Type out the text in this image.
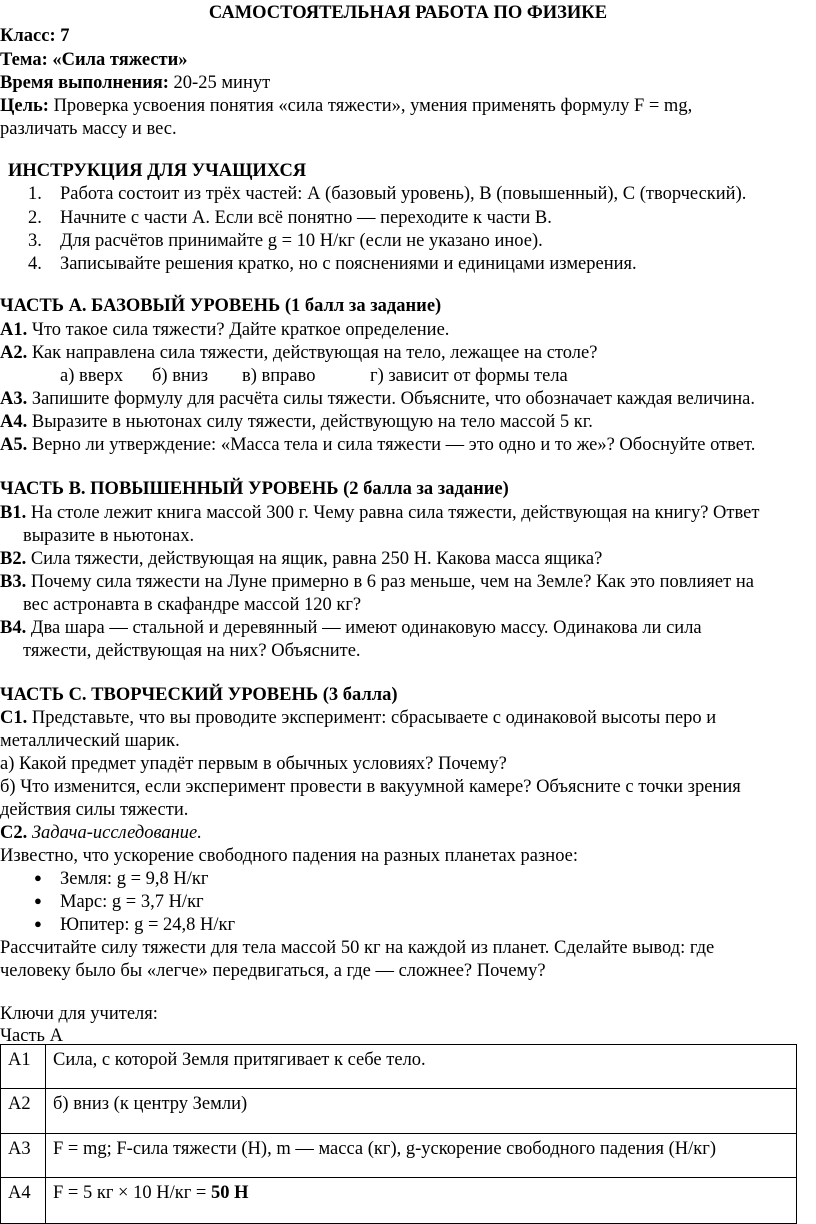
САМОСТОЯТЕЛЬНАЯ РАБОТА ПО ФИЗИКЕ
Класс: 7
Тема: «Сила тяжести»
Время выполнения: 20-25 минут
Цель: Проверка усвоения понятия «сила тяжести», умения применять формулу F = mg,
различать массу и вес.
ИНСТРУКЦИЯ ДЛЯ УЧАЩИХСЯ
1. Работа состоит из трёх частей: А (базовый уровень), В (повышенный), С (творческий).
2. Начните с части А. Если всё понятно — переходите к части В.
3. Для расчётов принимайте g = 10 Н/кг (если не указано иное).
4. Записывайте решения кратко, но с пояснениями и единицами измерения.
ЧАСТЬ А. БАЗОВЫЙ УРОВЕНЬ (1 балл за задание)
А1. Что такое сила тяжести? Дайте краткое определение.
А2. Как направлена сила тяжести, действующая на тело, лежащее на столе?
а) вверх б) вниз в) вправо	г) зависит от формы тела
А3. Запишите формулу для расчёта силы тяжести. Объясните, что обозначает каждая величина.
А4. Выразите в ньютонах силу тяжести, действующую на тело массой 5 кг.
А5. Верно ли утверждение: «Масса тела и сила тяжести — это одно и то же»? Обоснуйте ответ.
ЧАСТЬ В. ПОВЫШЕННЫЙ УРОВЕНЬ (2 балла за задание)
В1. На столе лежит книга массой 300 г. Чему равна сила тяжести, действующая на книгу? Ответ
выразите в ньютонах.
В2. Сила тяжести, действующая на ящик, равна 250 Н. Какова масса ящика?
В3. Почему сила тяжести на Луне примерно в 6 раз меньше, чем на Земле? Как это повлияет на
вес астронавта в скафандре массой 120 кг?
В4. Два шара — стальной и деревянный — имеют одинаковую массу. Одинакова ли сила
тяжести, действующая на них? Объясните.
ЧАСТЬ С. ТВОРЧЕСКИЙ УРОВЕНЬ (3 балла)
С1. Представьте, что вы проводите эксперимент: сбрасываете с одинаковой высоты перо и
металлический шарик.
а) Какой предмет упадёт первым в обычных условиях? Почему?
б) Что изменится, если эксперимент провести в вакуумной камере? Объясните с точки зрения
действия силы тяжести.
С2. Задача-исследование.
Известно, что ускорение свободного падения на разных планетах разное:
● Земля: g = 9,8 Н/кг
● Марс: g = 3,7 Н/кг
● Юпитер: g = 24,8 Н/кг
Рассчитайте силу тяжести для тела массой 50 кг на каждой из планет. Сделайте вывод: где
человеку было бы «легче» передвигаться, а где — сложнее? Почему?
Ключи для учителя:
Часть А
А1	Сила, с которой Земля притягивает к себе тело.
А2	б) вниз (к центру Земли)
А3	F = mg; F-сила тяжести (Н), m — масса (кг), g-ускорение свободного падения (Н/кг)
А4	F = 5 кг × 10 Н/кг = 50 Н
